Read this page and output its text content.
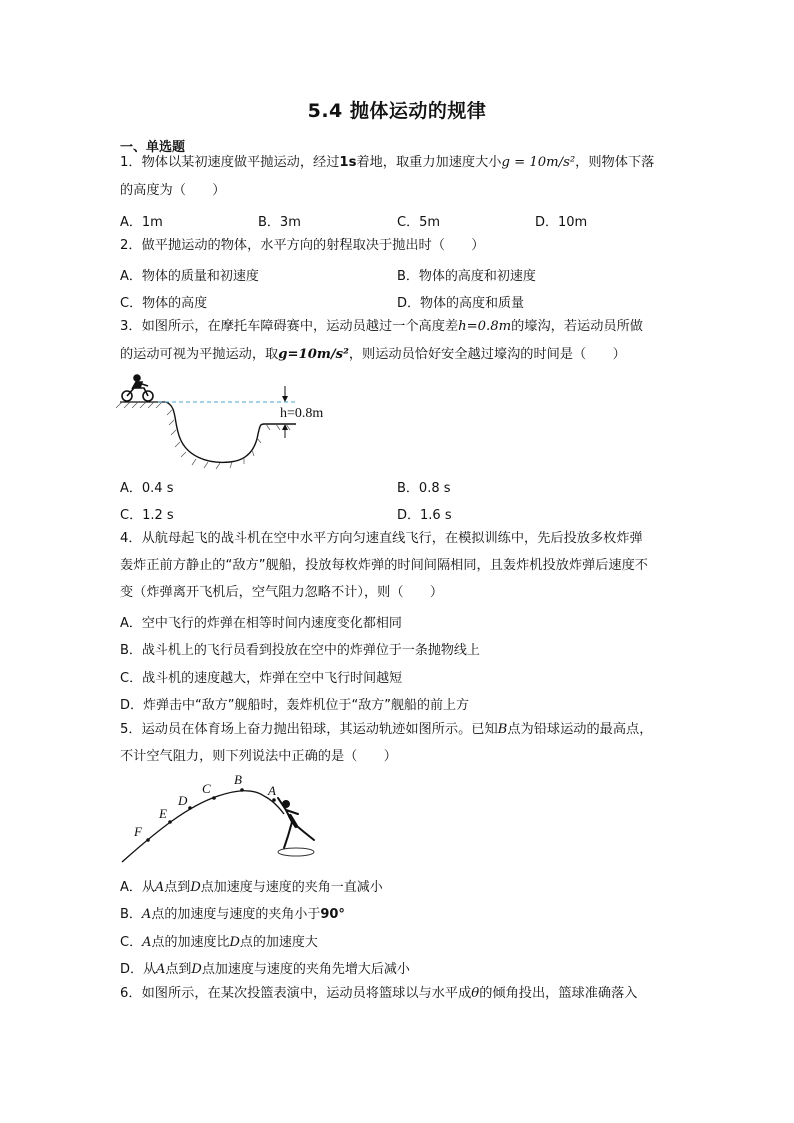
5.4 抛体运动的规律
一、单选题
1．物体以某初速度做平抛运动，经过1s着地，取重力加速度大小g = 10m/s²，则物体下落
的高度为（　　）
A．1m	B．3m	C．5m	D．10m
2．做平抛运动的物体，水平方向的射程取决于抛出时（　　）
A．物体的质量和初速度	B．物体的高度和初速度
C．物体的高度	D．物体的高度和质量
3．如图所示，在摩托车障碍赛中，运动员越过一个高度差h=0.8m的壕沟，若运动员所做
的运动可视为平抛运动，取g=10m/s²，则运动员恰好安全越过壕沟的时间是（　　）
h=0.8m
A．0.4 s	B．0.8 s
C．1.2 s	D．1.6 s
4．从航母起飞的战斗机在空中水平方向匀速直线飞行，在模拟训练中，先后投放多枚炸弹
轰炸正前方静止的“敌方”舰船，投放每枚炸弹的时间间隔相同，且轰炸机投放炸弹后速度不
变（炸弹离开飞机后，空气阻力忽略不计），则（　　）
A．空中飞行的炸弹在相等时间内速度变化都相同
B．战斗机上的飞行员看到投放在空中的炸弹位于一条抛物线上
C．战斗机的速度越大，炸弹在空中飞行时间越短
D．炸弹击中“敌方”舰船时，轰炸机位于“敌方”舰船的前上方
5．运动员在体育场上奋力抛出铅球，其运动轨迹如图所示。已知B点为铅球运动的最高点，
不计空气阻力，则下列说法中正确的是（　　）
F
E
D
C
B
A
A．从A点到D点加速度与速度的夹角一直减小
B．A点的加速度与速度的夹角小于90°
C．A点的加速度比D点的加速度大
D．从A点到D点加速度与速度的夹角先增大后减小
6．如图所示，在某次投篮表演中，运动员将篮球以与水平成θ的倾角投出，篮球准确落入
